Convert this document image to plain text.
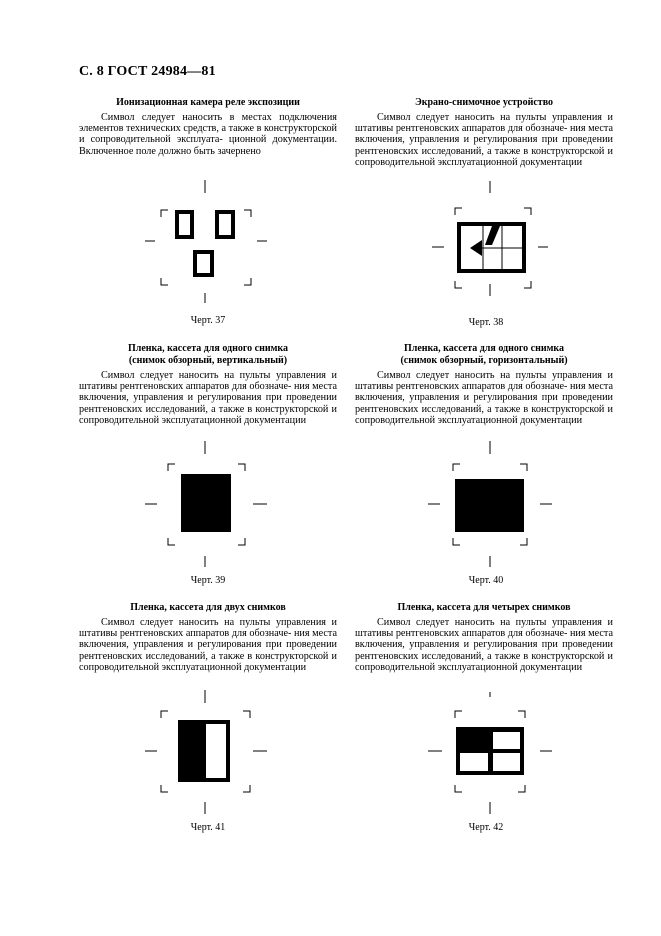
С. 8 ГОСТ 24984—81

Ионизационная камера реле экспозиции

Символ следует наносить в местах подключения элементов технических средств, а также в конструкторской и сопроводительной эксплуата- ционной документации. Включенное поле должно быть зачернено

Экрано-снимочное устройство

Символ следует наносить на пульты управления и штативы рентгеновских аппаратов для обозначе- ния места включения, управления и регулирования при проведении рентгеновских исследований, а также в конструкторской и сопроводительной эксплуатационной документации

Пленка, кассета для одного снимка

(снимок обзорный, вертикальный)

Символ следует наносить на пульты управления и штативы рентгеновских аппаратов для обозначе- ния места включения, управления и регулирования при проведении рентгеновских исследований, а также в конструкторской и сопроводительной эксплуатационной документации

Пленка, кассета для одного снимка

(снимок обзорный, горизонтальный)

Символ следует наносить на пульты управления и штативы рентгеновских аппаратов для обозначе- ния места включения, управления и регулирования при проведении рентгеновских исследований, а также в конструкторской и сопроводительной эксплуатационной документации

Пленка, кассета для двух снимков

Символ следует наносить на пульты управления и штативы рентгеновских аппаратов для обозначе- ния места включения, управления и регулирования при проведении рентгеновских исследований, а также в конструкторской и сопроводительной эксплуатационной документации

Пленка, кассета для четырех снимков

Символ следует наносить на пульты управления и штативы рентгеновских аппаратов для обозначе- ния места включения, управления и регулирования при проведении рентгеновских исследований, а также в конструкторской и сопроводительной эксплуатационной документации

Черт. 37	Черт. 38
Черт. 39	Черт. 40
Черт. 41	Черт. 42
